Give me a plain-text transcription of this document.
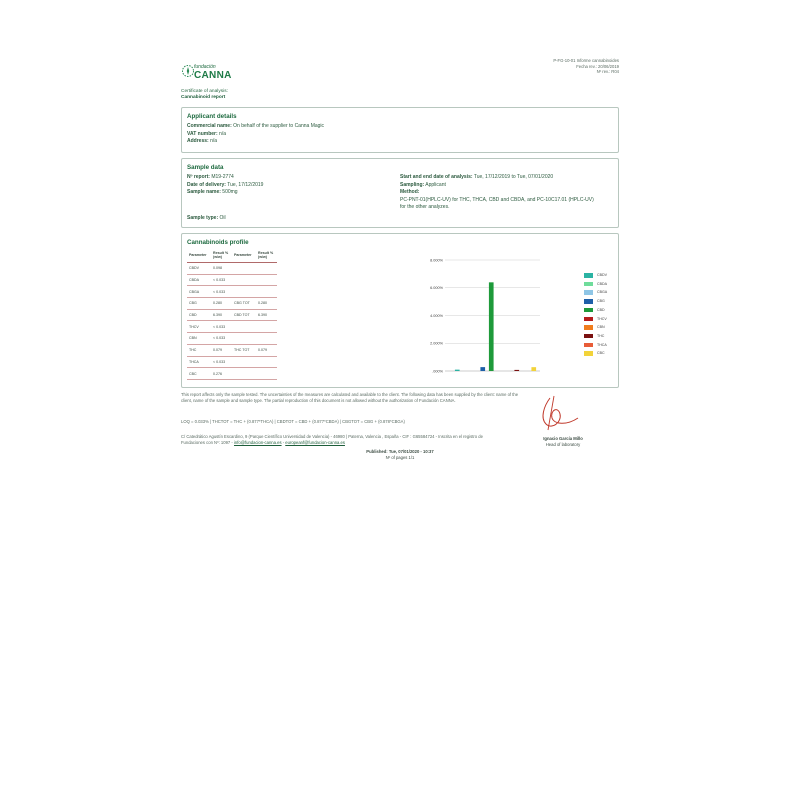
P-FG-10-01 Informe cannabinoides
Fecha rev.: 20/06/2019
Nº rev.: R04
fundación
CANNA
Certificate of analysis:
Cannabinoid report
Applicant details
Commercial name: On behalf of the supplier to Canna Magic
VAT number: n/a
Address: n/a
Sample data
Nº report: M19-2774
Date of delivery: Tue, 17/12/2019
Sample name: 500mg
Sample type: Oil
Start and end date of analysis: Tue, 17/12/2019 to Tue, 07/01/2020
Sampling: Applicant
Method:
PC-PNT-01(HPLC-UV) for THC, THCA, CBD and CBDA, and PC-10C17.01 (HPLC-UV)
for the other analyzes.
Cannabinoids profile
Parameter	Result % (w/w)	Parameter	Result % (w/w)
CBDV	0.098		
CBDA	< 0.033		
CBGA	< 0.033		
CBG	0.280	CBG TOT	0.280
CBD	6.390	CBD TOT	6.390
THCV	< 0.033		
CBN	< 0.033		
THC	0.079	THC TOT	0.079
THCA	< 0.033		
CBC	0.276		
8.000%
6.000%
4.000%
2.000%
.000%
CBDV
CBDA
CBGA
CBG
CBD
THCV
CBN
THC
THCA
CBC
This report affects only the sample tested. The uncertainties of the measures are calculated and available to the client. The following data has been supplied by the client: name of the client, name of the sample and sample type. The partial reproduction of this document is not allowed without the authorization of Fundación CANNA.
LOQ = 0.033% | THCTOT = THC + (0.877*THCA) | CBDTOT = CBD + (0.877*CBDA) | CBGTOT = CBG + (0.878*CBGA)
C/ Catedrático Agustín Escardino, 9 (Parque Científico Universidad de Valencia) - 46980 | Paterna, Valencia , España - CIF : G65584724 - Inscrita en el registro de
Fundaciones con Nº: 1097 - info@fundacion-canna.es - europeanf@fundacion-canna.es
Ignacio García Millo
Head of laboratory
Published: Tue, 07/01/2020 - 10:37
Nº of pages 1/1
